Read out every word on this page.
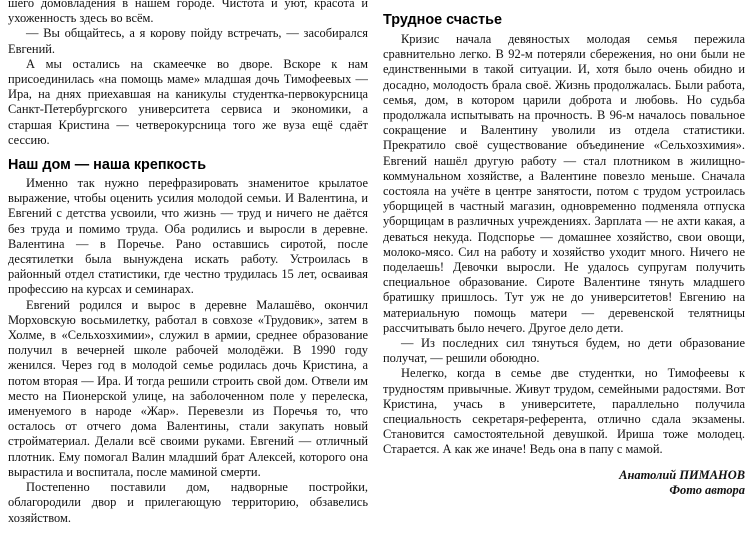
шего домовладения в нашем городе. Чистота и уют, красота и ухоженность здесь во всём.

— Вы общайтесь, а я корову пойду встречать, — засобирался Евгений.

А мы остались на скамеечке во дворе. Вскоре к нам присоединилась «на помощь маме» младшая дочь Тимофеевых — Ира, на днях приехавшая на каникулы студентка-первокурсница Санкт-Петербургского университета сервиса и экономики, а старшая Кристина — четверокурсница того же вуза ещё сдаёт сессию.

Наш дом — наша крепкость

Именно так нужно перефразировать знаменитое крылатое выражение, чтобы оценить усилия молодой семьи. И Валентина, и Евгений с детства усвоили, что жизнь — труд и ничего не даётся без труда и помимо труда. Оба родились и выросли в деревне. Валентина — в Поречье. Рано оставшись сиротой, после десятилетки была вынуждена искать работу. Устроилась в районный отдел статистики, где честно трудилась 15 лет, осваивая профессию на курсах и семинарах.

Евгений родился и вырос в деревне Малашёво, окончил Морховскую восьмилетку, работал в совхозе «Трудовик», затем в Холме, в «Сельхозхимии», служил в армии, среднее образование получил в вечерней школе рабочей молодёжи. В 1990 году женился. Через год в молодой семье родилась дочь Кристина, а потом вторая — Ира. И тогда решили строить свой дом. Отвели им место на Пионерской улице, на заболоченном поле у перелеска, именуемого в народе «Жар». Перевезли из Поречья то, что осталось от отчего дома Валентины, стали закупать новый стройматериал. Делали всё своими руками. Евгений — отличный плотник. Ему помогал Валин младший брат Алексей, которого она вырастила и воспитала, после маминой смерти.

Постепенно поставили дом, надворные постройки, облагородили двор и прилегающую территорию, обзавелись хозяйством.

Трудное счастье

Кризис начала девяностых молодая семья пережила сравнительно легко. В 92-м потеряли сбережения, но они были не единственными в такой ситуации. И, хотя было очень обидно и досадно, молодость брала своё. Жизнь продолжалась. Были работа, семья, дом, в котором царили доброта и любовь. Но судьба продолжала испытывать на прочность. В 96-м началось повальное сокращение и Валентину уволили из отдела статистики. Прекратило своё существование объединение «Сельхозхимия». Евгений нашёл другую работу — стал плотником в жилищно-коммунальном хозяйстве, а Валентине повезло меньше. Сначала состояла на учёте в центре занятости, потом с трудом устроилась уборщицей в частный магазин, одновременно подменяла отпуска уборщицам в различных учреждениях. Зарплата — не ахти какая, а деваться некуда. Подспорье — домашнее хозяйство, свои овощи, молоко-мясо. Сил на работу и хозяйство уходит много. Ничего не поделаешь! Девочки выросли. Не удалось супругам получить специальное образование. Сироте Валентине тянуть младшего братишку пришлось. Тут уж не до университетов! Евгению на материальную помощь матери — деревенской телятницы рассчитывать было нечего. Другое дело дети.

— Из последних сил тянуться будем, но дети образование получат, — решили обоюдно.

Нелегко, когда в семье две студентки, но Тимофеевы к трудностям привычные. Живут трудом, семейными радостями. Вот Кристина, учась в университете, параллельно получила специальность секретаря-референта, отлично сдала экзамены. Становится самостоятельной девушкой. Ириша тоже молодец. Старается. А как же иначе! Ведь она в папу с мамой.

Анатолий ПИМАНОВ
Фото автора
